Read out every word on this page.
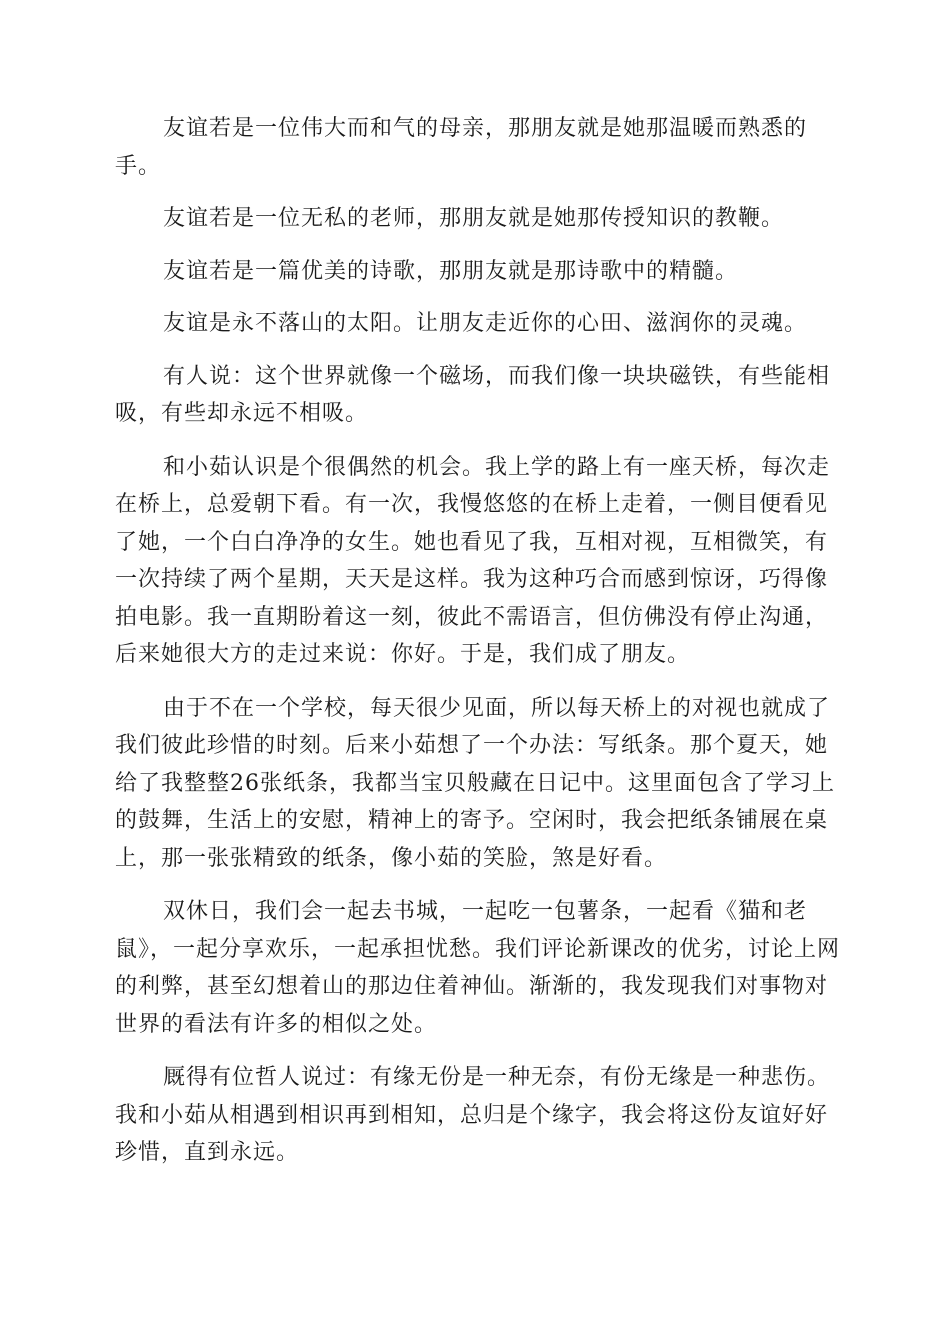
友谊若是一位伟大而和气的母亲，那朋友就是她那温暖而熟悉的手。

友谊若是一位无私的老师，那朋友就是她那传授知识的教鞭。

友谊若是一篇优美的诗歌，那朋友就是那诗歌中的精髓。

友谊是永不落山的太阳。让朋友走近你的心田、滋润你的灵魂。

有人说：这个世界就像一个磁场，而我们像一块块磁铁，有些能相吸，有些却永远不相吸。

和小茹认识是个很偶然的机会。我上学的路上有一座天桥，每次走在桥上，总爱朝下看。有一次，我慢悠悠的在桥上走着，一侧目便看见了她，一个白白净净的女生。她也看见了我，互相对视，互相微笑，有一次持续了两个星期，天天是这样。我为这种巧合而感到惊讶，巧得像拍电影。我一直期盼着这一刻，彼此不需语言，但仿佛没有停止沟通，后来她很大方的走过来说：你好。于是，我们成了朋友。

由于不在一个学校，每天很少见面，所以每天桥上的对视也就成了我们彼此珍惜的时刻。后来小茹想了一个办法：写纸条。那个夏天，她给了我整整26张纸条，我都当宝贝般藏在日记中。这里面包含了学习上的鼓舞，生活上的安慰，精神上的寄予。空闲时，我会把纸条铺展在桌上，那一张张精致的纸条，像小茹的笑脸，煞是好看。

双休日，我们会一起去书城，一起吃一包薯条，一起看《猫和老鼠》，一起分享欢乐，一起承担忧愁。我们评论新课改的优劣，讨论上网的利弊，甚至幻想着山的那边住着神仙。渐渐的，我发现我们对事物对世界的看法有许多的相似之处。

厩得有位哲人说过：有缘无份是一种无奈，有份无缘是一种悲伤。我和小茹从相遇到相识再到相知，总归是个缘字，我会将这份友谊好好珍惜，直到永远。
